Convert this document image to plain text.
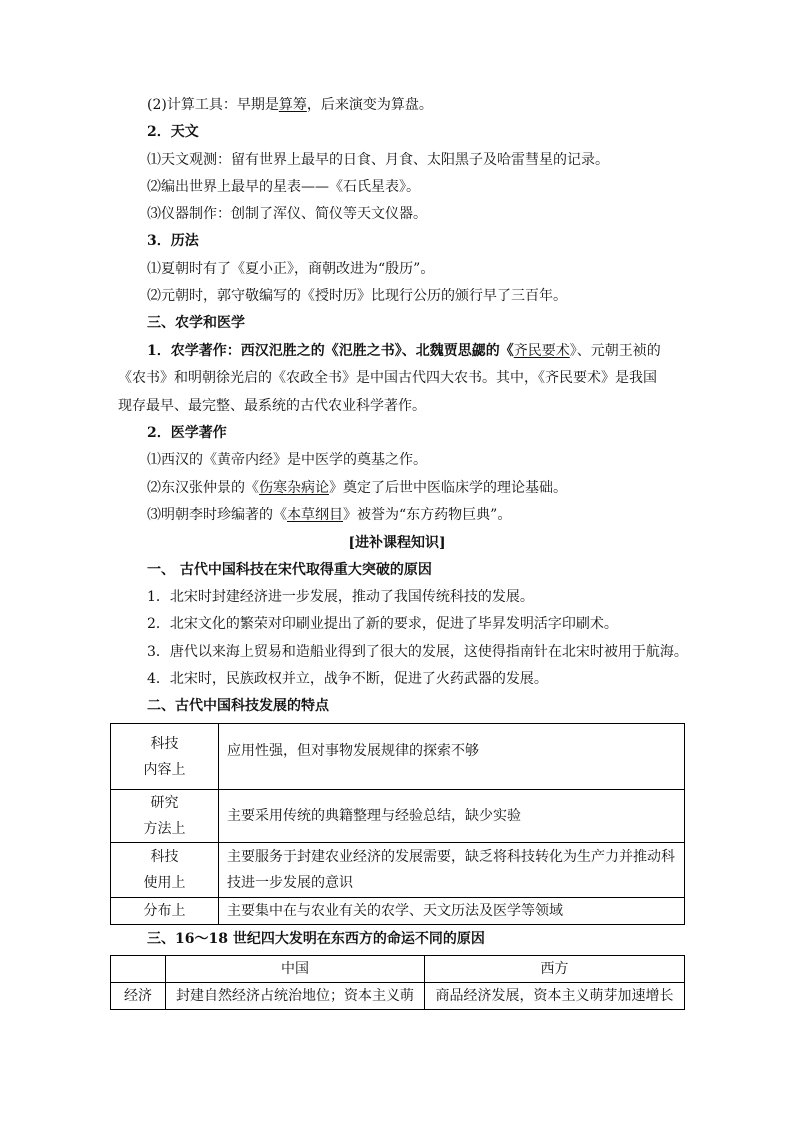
(2)计算工具：早期是算筹，后来演变为算盘。
2．天文
⑴天文观测：留有世界上最早的日食、月食、太阳黑子及哈雷彗星的记录。
⑵编出世界上最早的星表——《石氏星表》。
⑶仪器制作：创制了浑仪、简仪等天文仪器。
3．历法
⑴夏朝时有了《夏小正》，商朝改进为“殷历”。
⑵元朝时，郭守敬编写的《授时历》比现行公历的颁行早了三百年。
三、农学和医学
1．农学著作：西汉氾胜之的《氾胜之书》、北魏贾思勰的《齐民要术》、元朝王祯的
《农书》和明朝徐光启的《农政全书》是中国古代四大农书。其中，《齐民要术》是我国
现存最早、最完整、最系统的古代农业科学著作。
2．医学著作
⑴西汉的《黄帝内经》是中医学的奠基之作。
⑵东汉张仲景的《伤寒杂病论》奠定了后世中医临床学的理论基础。
⑶明朝李时珍编著的《本草纲目》被誉为“东方药物巨典”。
[进补课程知识]
一、 古代中国科技在宋代取得重大突破的原因
1．北宋时封建经济进一步发展，推动了我国传统科技的发展。
2．北宋文化的繁荣对印刷业提出了新的要求，促进了毕昇发明活字印刷术。
3．唐代以来海上贸易和造船业得到了很大的发展，这使得指南针在北宋时被用于航海。
4．北宋时，民族政权并立，战争不断，促进了火药武器的发展。
二、古代中国科技发展的特点
科技
内容上	应用性强，但对事物发展规律的探索不够
研究
方法上	主要采用传统的典籍整理与经验总结，缺少实验
科技
使用上	主要服务于封建农业经济的发展需要，缺乏将科技转化为生产力并推动科
技进一步发展的意识
分布上	主要集中在与农业有关的农学、天文历法及医学等领域
三、16～18 世纪四大发明在东西方的命运不同的原因
	中国	西方
经济	封建自然经济占统治地位；资本主义萌	商品经济发展，资本主义萌芽加速增长
